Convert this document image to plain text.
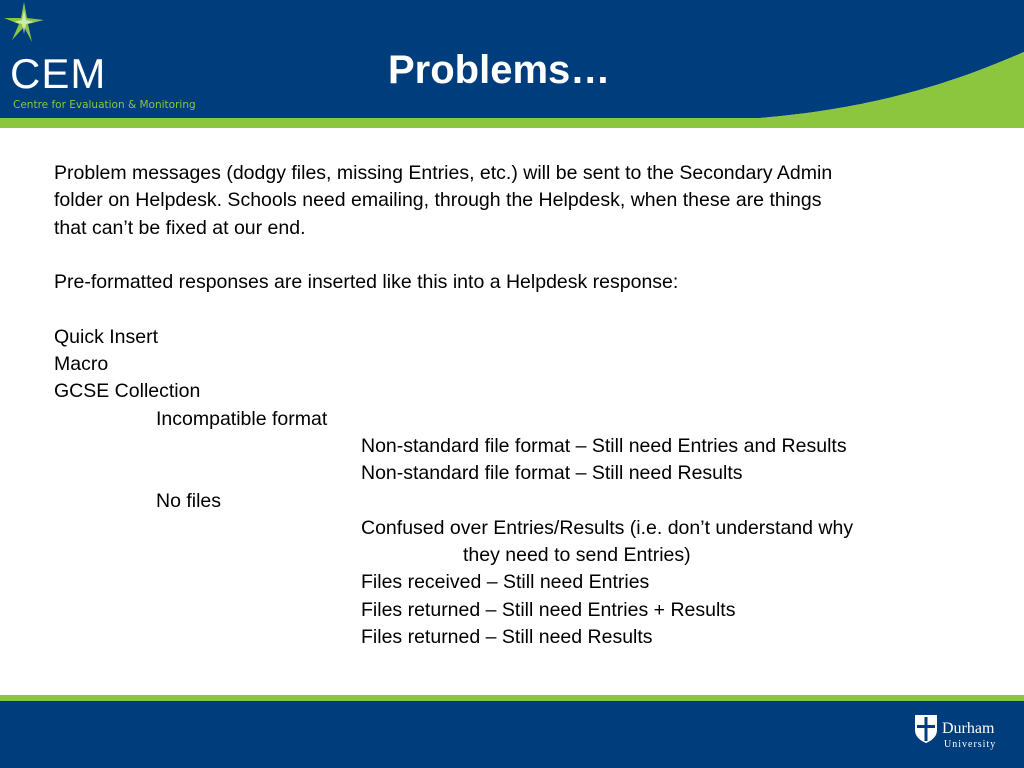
CEM
Centre for Evaluation & Monitoring
Problems…
Problem messages (dodgy files, missing Entries, etc.) will be sent to the Secondary Admin
folder on Helpdesk. Schools need emailing, through the Helpdesk, when these are things
that can’t be fixed at our end.
Pre-formatted responses are inserted like this into a Helpdesk response:
Quick Insert
Macro
GCSE Collection
Incompatible format
Non-standard file format – Still need Entries and Results
Non-standard file format – Still need Results
No files
Confused over Entries/Results (i.e. don’t understand why
they need to send Entries)
Files received – Still need Entries
Files returned – Still need Entries + Results
Files returned – Still need Results
Durham
University
